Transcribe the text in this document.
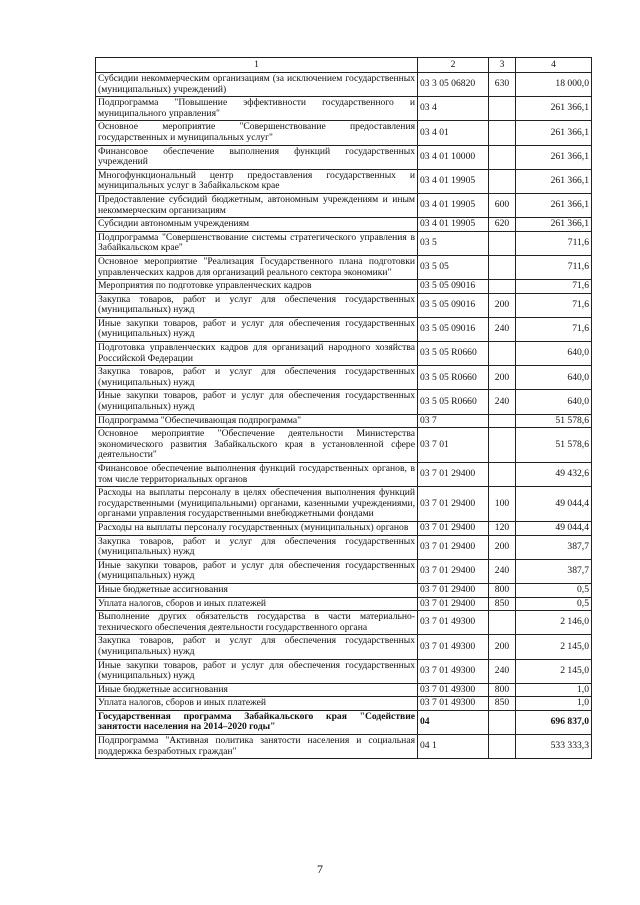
1	2	3	4
Субсидии некоммерческим организациям (за исключением государственных (муниципальных) учреждений)	03 3 05 06820	630	18 000,0
Подпрограмма "Повышение эффективности государственного и муниципального управления"	03 4		261 366,1
Основное мероприятие "Совершенствование предоставления государственных и муниципальных услуг"	03 4 01		261 366,1
Финансовое обеспечение выполнения функций государственных учреждений	03 4 01 10000		261 366,1
Многофункциональный центр предоставления государственных и муниципальных услуг в Забайкальском крае	03 4 01 19905		261 366,1
Предоставление субсидий бюджетным, автономным учреждениям и иным некоммерческим организациям	03 4 01 19905	600	261 366,1
Субсидии автономным учреждениям	03 4 01 19905	620	261 366,1
Подпрограмма "Совершенствование системы стратегического управления в Забайкальском крае"	03 5		711,6
Основное мероприятие "Реализация Государственного плана подготовки управленческих кадров для организаций реального сектора экономики"	03 5 05		711,6
Мероприятия по подготовке управленческих кадров	03 5 05 09016		71,6
Закупка товаров, работ и услуг для обеспечения государственных (муниципальных) нужд	03 5 05 09016	200	71,6
Иные закупки товаров, работ и услуг для обеспечения государственных (муниципальных) нужд	03 5 05 09016	240	71,6
Подготовка управленческих кадров для организаций народного хозяйства Российской Федерации	03 5 05 R0660		640,0
Закупка товаров, работ и услуг для обеспечения государственных (муниципальных) нужд	03 5 05 R0660	200	640,0
Иные закупки товаров, работ и услуг для обеспечения государственных (муниципальных) нужд	03 5 05 R0660	240	640,0
Подпрограмма "Обеспечивающая подпрограмма"	03 7		51 578,6
Основное мероприятие "Обеспечение деятельности Министерства экономического развития Забайкальского края в установленной сфере деятельности"	03 7 01		51 578,6
Финансовое обеспечение выполнения функций государственных органов, в том числе территориальных органов	03 7 01 29400		49 432,6
Расходы на выплаты персоналу в целях обеспечения выполнения функций государственными (муниципальными) органами, казенными учреждениями, органами управления государственными внебюджетными фондами	03 7 01 29400	100	49 044,4
Расходы на выплаты персоналу государственных (муниципальных) органов	03 7 01 29400	120	49 044,4
Закупка товаров, работ и услуг для обеспечения государственных (муниципальных) нужд	03 7 01 29400	200	387,7
Иные закупки товаров, работ и услуг для обеспечения государственных (муниципальных) нужд	03 7 01 29400	240	387,7
Иные бюджетные ассигнования	03 7 01 29400	800	0,5
Уплата налогов, сборов и иных платежей	03 7 01 29400	850	0,5
Выполнение других обязательств государства в части материально-технического обеспечения деятельности государственного органа	03 7 01 49300		2 146,0
Закупка товаров, работ и услуг для обеспечения государственных (муниципальных) нужд	03 7 01 49300	200	2 145,0
Иные закупки товаров, работ и услуг для обеспечения государственных (муниципальных) нужд	03 7 01 49300	240	2 145,0
Иные бюджетные ассигнования	03 7 01 49300	800	1,0
Уплата налогов, сборов и иных платежей	03 7 01 49300	850	1,0
Государственная программа Забайкальского края "Содействие занятости населения на 2014–2020 годы"	04		696 837,0
Подпрограмма "Активная политика занятости населения и социальная поддержка безработных граждан"	04 1		533 333,3
7
